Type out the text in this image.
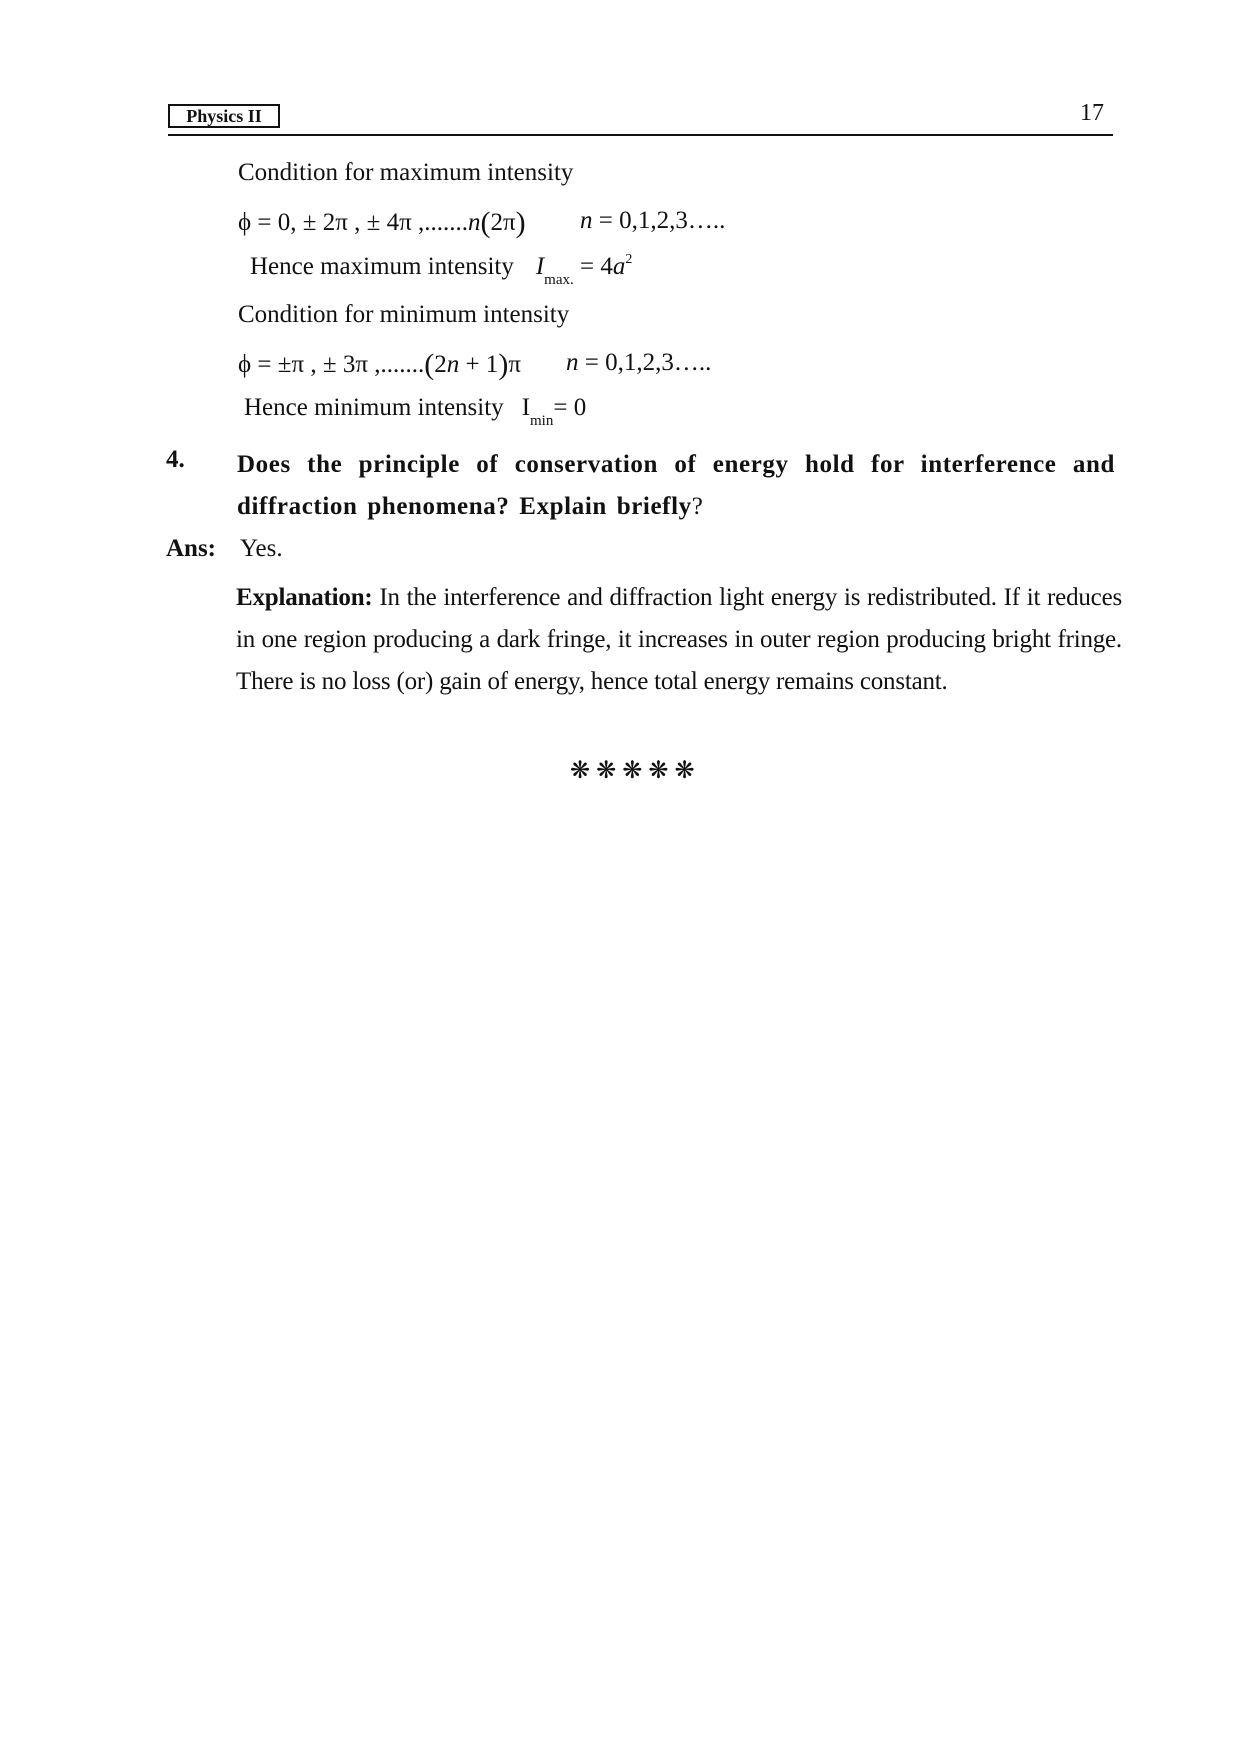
Physics II	17
Condition for maximum intensity
ϕ = 0, ± 2π , ± 4π ,.......n(2π) n = 0,1,2,3…..
Hence maximum intensity $I_{max.} = 4a^2$
Condition for minimum intensity
ϕ = ±π , ± 3π ,.......(2n + 1)π n = 0,1,2,3…..
Hence minimum intensity $I_{min}= 0$
4. Does the principle of conservation of energy hold for interference and diffraction phenomena? Explain briefly?
Ans: Yes.
Explanation: In the interference and diffraction light energy is redistributed. If it reduces in one region producing a dark fringe, it increases in outer region producing bright fringe. There is no loss (or) gain of energy, hence total energy remains constant.
❋❋❋❋❋
